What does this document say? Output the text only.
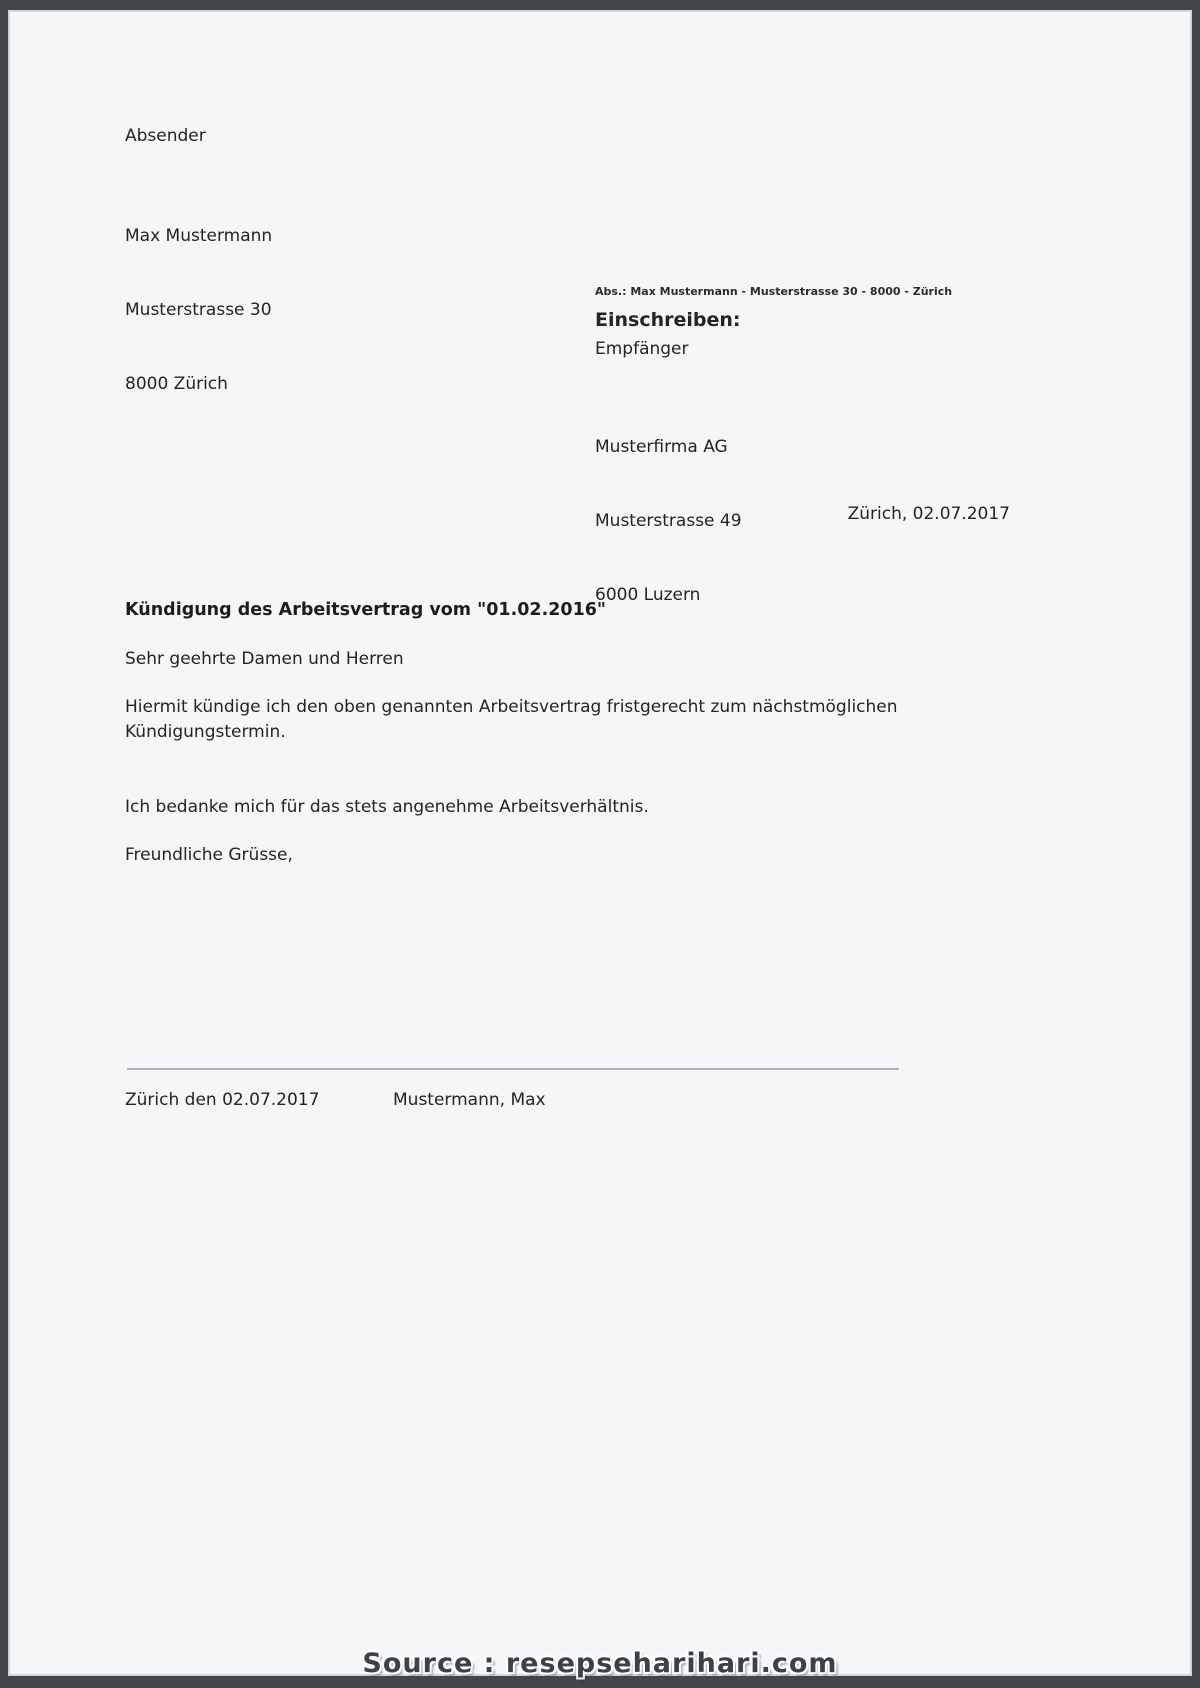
Absender

Max Mustermann

Musterstrasse 30

8000 Zürich

Abs.: Max Mustermann - Musterstrasse 30 - 8000 - Zürich
Einschreiben:
Empfänger

Musterfirma AG

Musterstrasse 49

6000 Luzern

Zürich, 02.07.2017
Kündigung des Arbeitsvertrag vom "01.02.2016"
Sehr geehrte Damen und Herren
Hiermit kündige ich den oben genannten Arbeitsvertrag fristgerecht zum nächstmöglichen Kündigungstermin.
Ich bedanke mich für das stets angenehme Arbeitsverhältnis.
Freundliche Grüsse,
Zürich den 02.07.2017	Mustermann, Max
Source : resepseharihari.com
